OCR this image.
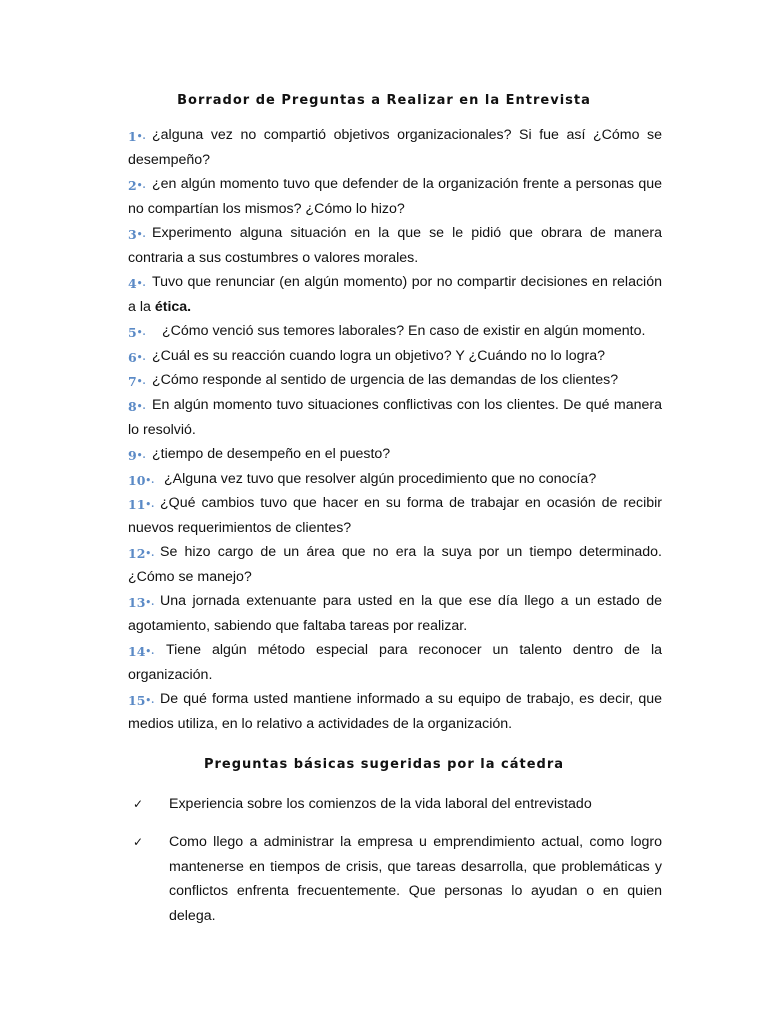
Borrador de Preguntas a Realizar en la Entrevista
1•. ¿alguna vez no compartió objetivos organizacionales? Si fue así ¿Cómo se desempeño?
2•. ¿en algún momento tuvo que defender de la organización frente a personas que no compartían los mismos? ¿Cómo lo hizo?
3•. Experimento alguna situación en la que se le pidió que obrara de manera contraria a sus costumbres o valores morales.
4•. Tuvo que renunciar (en algún momento) por no compartir decisiones en relación a la ética.
5•.	¿Cómo venció sus temores laborales? En caso de existir en algún momento.
6•. ¿Cuál es su reacción cuando logra un objetivo? Y ¿Cuándo no lo logra?
7•. ¿Cómo responde al sentido de urgencia de las demandas de los clientes?
8•. En algún momento tuvo situaciones conflictivas con los clientes. De qué manera lo resolvió.
9•. ¿tiempo de desempeño en el puesto?
10•. ¿Alguna vez tuvo que resolver algún procedimiento que no conocía?
11•. ¿Qué cambios tuvo que hacer en su forma de trabajar en ocasión de recibir nuevos requerimientos de clientes?
12•. Se hizo cargo de un área que no era la suya por un tiempo determinado. ¿Cómo se manejo?
13•. Una jornada extenuante para usted en la que ese día llego a un estado de agotamiento, sabiendo que faltaba tareas por realizar.
14•. Tiene algún método especial para reconocer un talento dentro de la organización.
15•. De qué forma usted mantiene informado a su equipo de trabajo, es decir, que medios utiliza, en lo relativo a actividades de la organización.
Preguntas básicas sugeridas por la cátedra
✓ Experiencia sobre los comienzos de la vida laboral del entrevistado
✓ Como llego a administrar la empresa u emprendimiento actual, como logro mantenerse en tiempos de crisis, que tareas desarrolla, que problemáticas y conflictos enfrenta frecuentemente. Que personas lo ayudan o en quien delega.
